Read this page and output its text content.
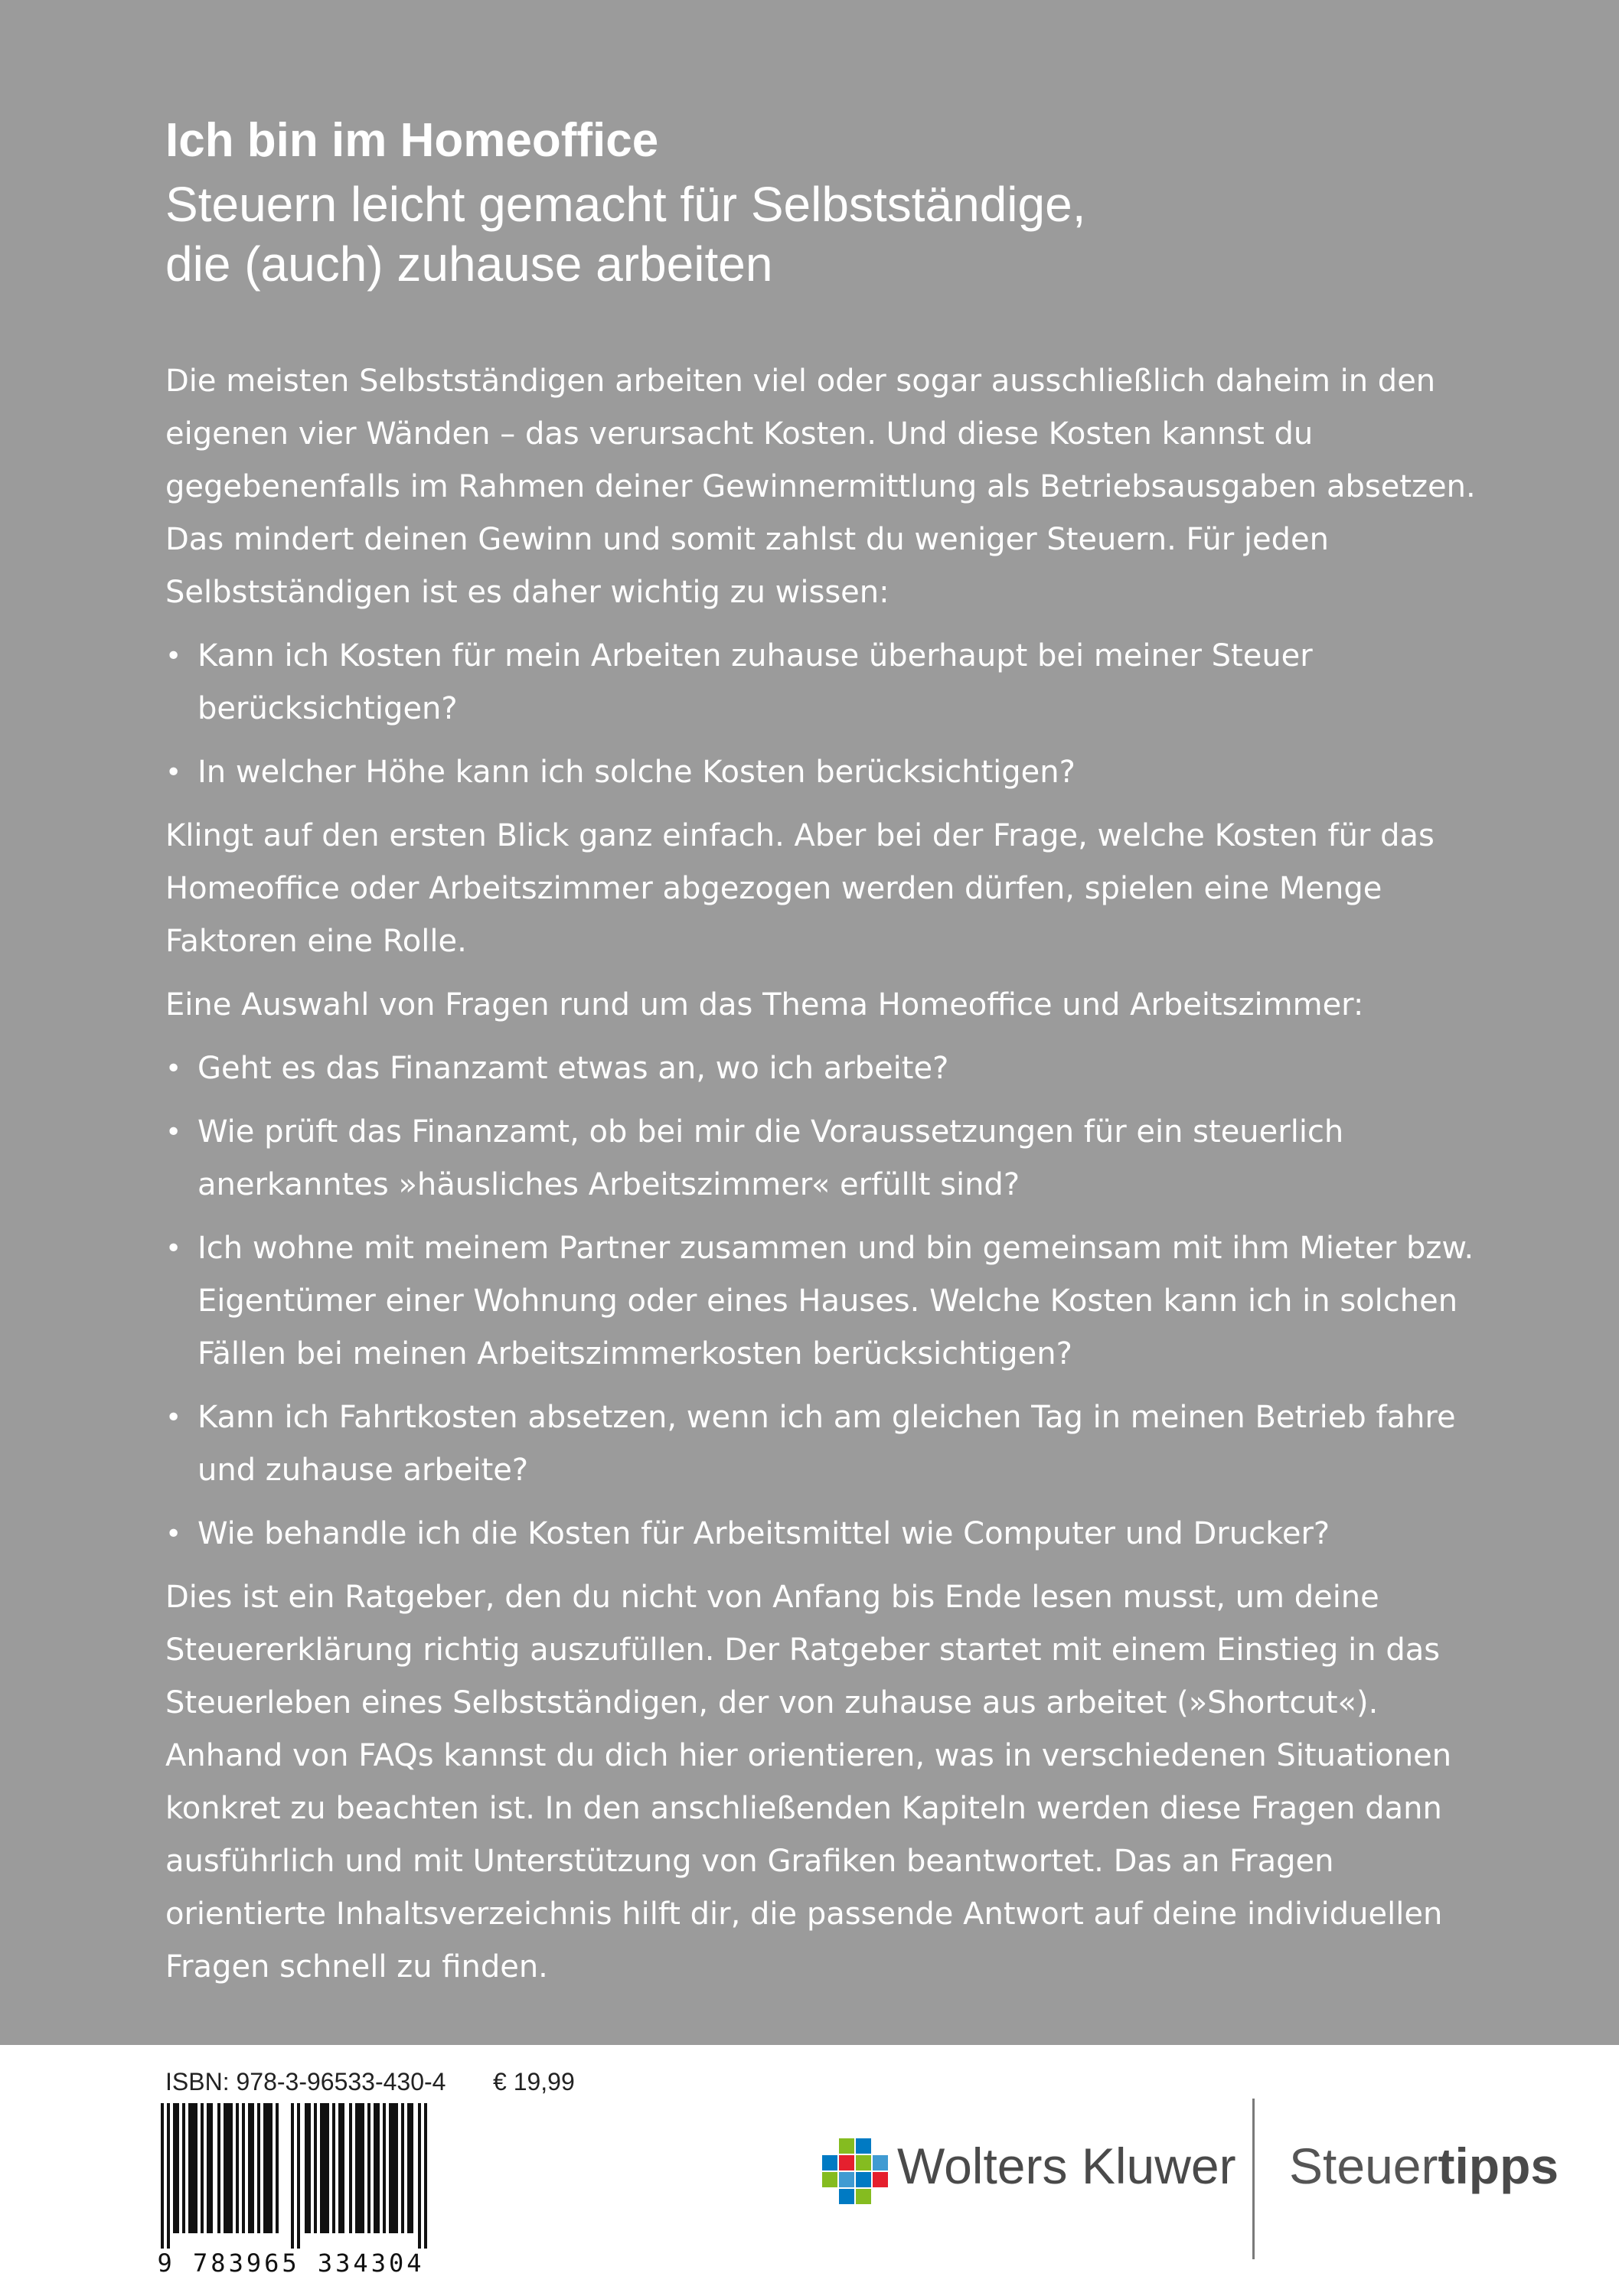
Ich bin im Homeoffice
Steuern leicht gemacht für Selbstständige,
die (auch) zuhause arbeiten

Die meisten Selbstständigen arbeiten viel oder sogar ausschließlich daheim in den eigenen vier Wänden – das verursacht Kosten. Und diese Kosten kannst du gegebenenfalls im Rahmen deiner Gewinnermittlung als Betriebsausgaben absetzen. Das mindert deinen Gewinn und somit zahlst du weniger Steuern. Für jeden Selbstständigen ist es daher wichtig zu wissen:

• Kann ich Kosten für mein Arbeiten zuhause überhaupt bei meiner Steuer berücksichtigen?
• In welcher Höhe kann ich solche Kosten berücksichtigen?

Klingt auf den ersten Blick ganz einfach. Aber bei der Frage, welche Kosten für das Homeoffice oder Arbeitszimmer abgezogen werden dürfen, spielen eine Menge Faktoren eine Rolle.

Eine Auswahl von Fragen rund um das Thema Homeoffice und Arbeitszimmer:

• Geht es das Finanzamt etwas an, wo ich arbeite?
• Wie prüft das Finanzamt, ob bei mir die Voraussetzungen für ein steuerlich anerkanntes »häusliches Arbeitszimmer« erfüllt sind?
• Ich wohne mit meinem Partner zusammen und bin gemeinsam mit ihm Mieter bzw. Eigentümer einer Wohnung oder eines Hauses. Welche Kosten kann ich in solchen Fällen bei meinen Arbeitszimmerkosten berücksichtigen?
• Kann ich Fahrtkosten absetzen, wenn ich am gleichen Tag in meinen Betrieb fahre und zuhause arbeite?
• Wie behandle ich die Kosten für Arbeitsmittel wie Computer und Drucker?

Dies ist ein Ratgeber, den du nicht von Anfang bis Ende lesen musst, um deine Steuererklärung richtig auszufüllen. Der Ratgeber startet mit einem Einstieg in das Steuerleben eines Selbstständigen, der von zuhause aus arbeitet (»Shortcut«). Anhand von FAQs kannst du dich hier orientieren, was in verschiedenen Situationen konkret zu beachten ist. In den anschließenden Kapiteln werden diese Fragen dann ausführlich und mit Unterstützung von Grafiken beantwortet. Das an Fragen orientierte Inhaltsverzeichnis hilft dir, die passende Antwort auf deine individuellen Fragen schnell zu finden.

ISBN: 978-3-96533-430-4 € 19,99
9 783965 334304
Wolters Kluwer Steuertipps
